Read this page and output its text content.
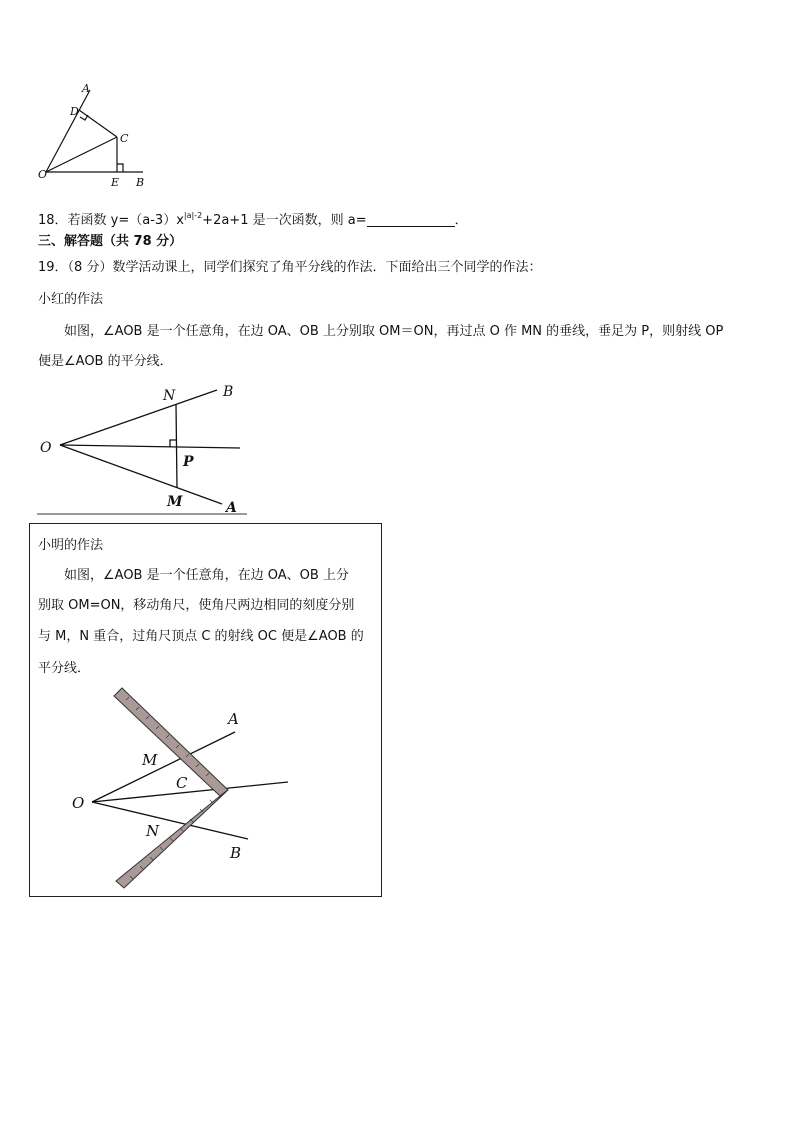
A
D
C
O
E B
18．若函数 $y=(a-3)x^{|a|-2}+2a+1$ 是一次函数，则 a=	．
三、解答题（共 78 分）
19．（8 分）数学活动课上，同学们探究了角平分线的作法．下面给出三个同学的作法：
小红的作法
如图，∠AOB 是一个任意角，在边 OA、OB 上分别取 OM＝ON，再过点 O 作 MN 的垂线，垂足为 P，则射线 OP
便是∠AOB 的平分线．
N	B
O
P
M	A
小明的作法
如图，∠AOB 是一个任意角，在边 OA、OB 上分
别取 OM=ON，移动角尺，使角尺两边相同的刻度分别
与 M，N 重合，过角尺顶点 C 的射线 OC 便是∠AOB 的
平分线．
A
M
C
O
N
B
